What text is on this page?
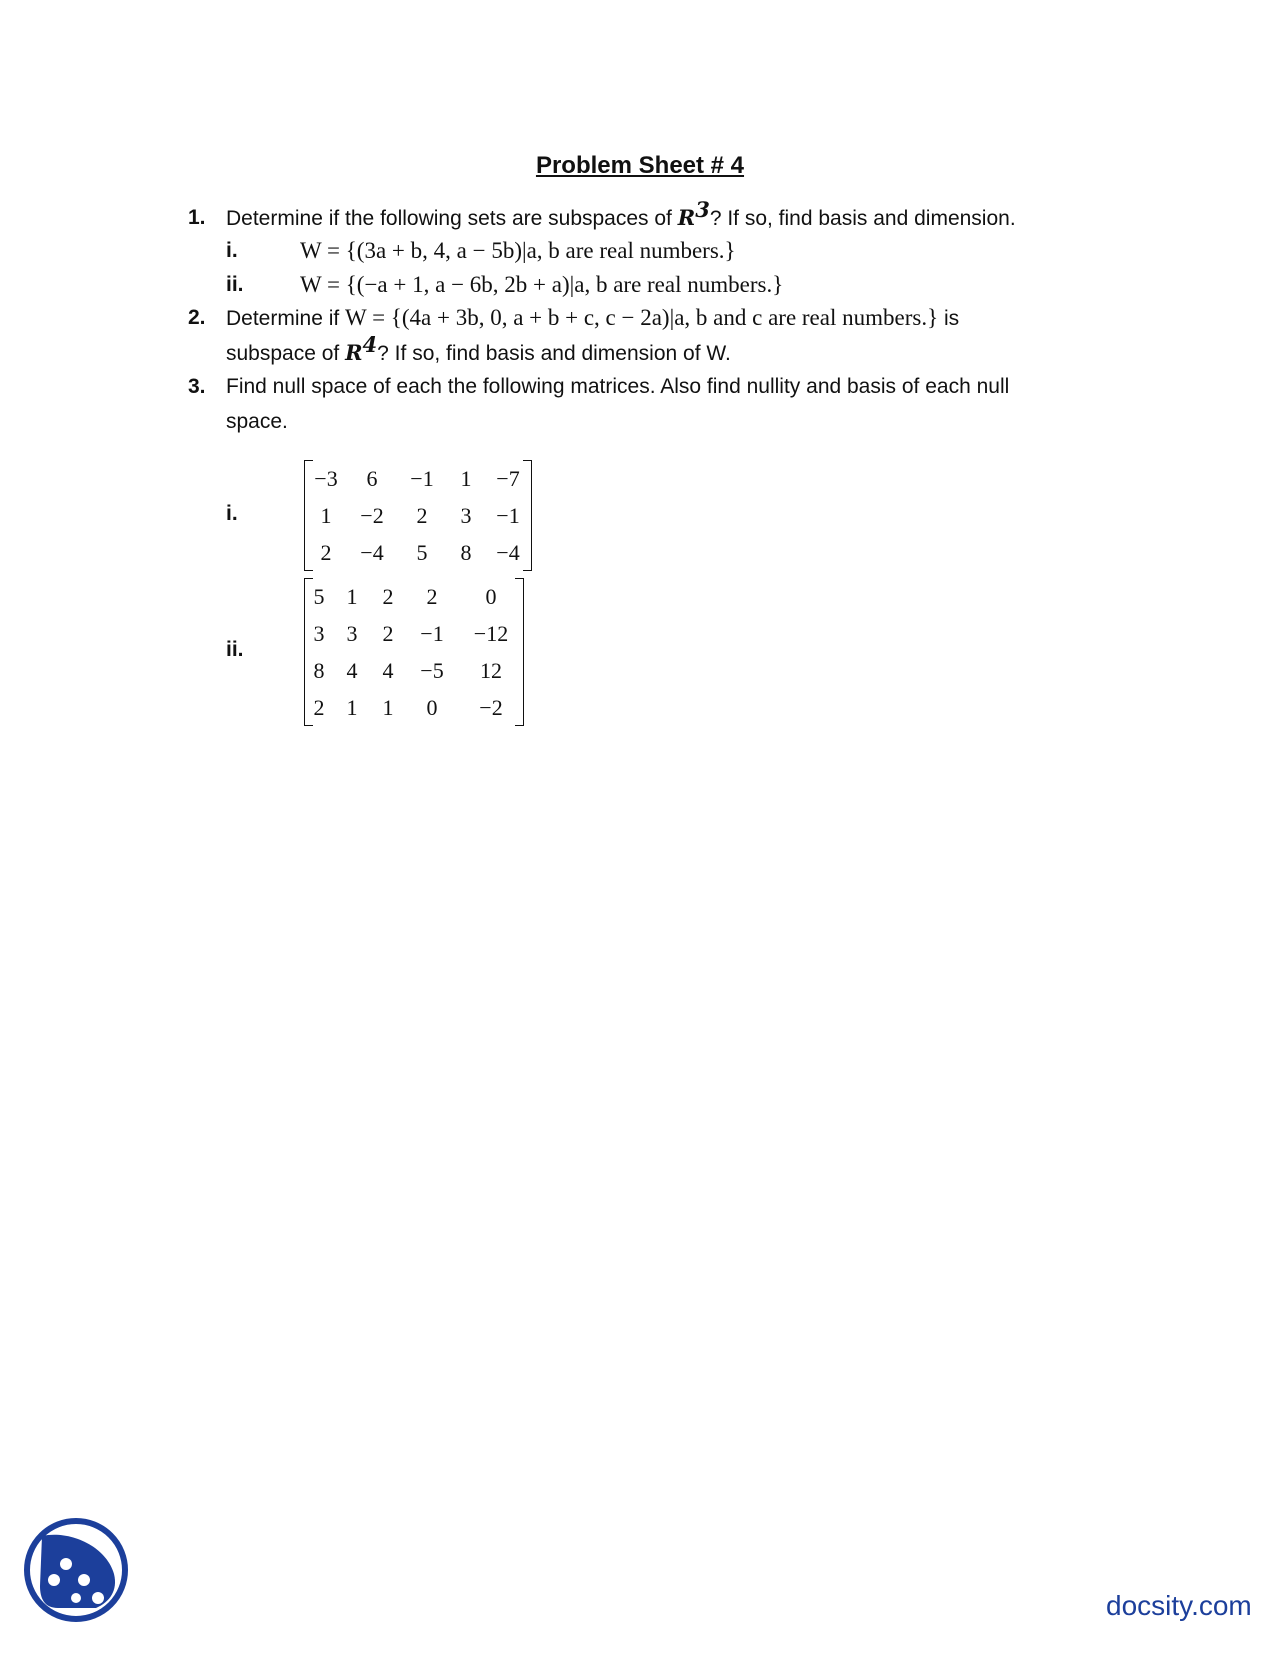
Problem Sheet # 4
1. Determine if the following sets are subspaces of $R^3$? If so, find basis and dimension.
i.	W = {(3a + b, 4, a − 5b)|a, b are real numbers.}
ii. W = {(−a + 1, a − 6b, 2b + a)|a, b are real numbers.}
2. Determine if W = {(4a + 3b, 0, a + b + c, c − 2a)|a, b and c are real numbers.} is
subspace of $R^4$? If so, find basis and dimension of W.
3. Find null space of each the following matrices. Also find nullity and basis of each null
space.
i.
−3	6	−1	1	−7
1	−2	2	3	−1
2	−4	5	8	−4
ii.
5	1	2	2	0
3	3	2	−1	−12
8	4	4	−5	12
2	1	1	0	−2
docsity.com
